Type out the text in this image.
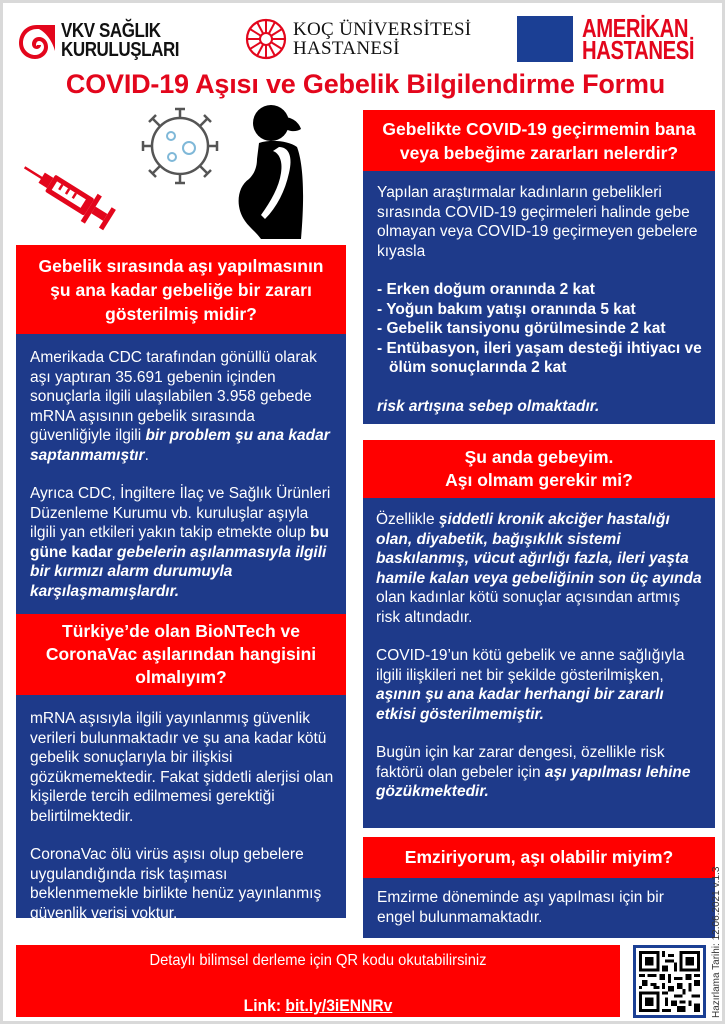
VKV SAĞLIK
KURULUŞLARI
KOÇ ÜNİVERSİTESİ
HASTANESİ
AMERİKAN
HASTANESİ
COVID-19 Aşısı ve Gebelik Bilgilendirme Formu
Gebelik sırasında aşı yapılmasının şu ana kadar gebeliğe bir zararı gösterilmiş midir?

Amerikada CDC tarafından gönüllü olarak aşı yaptıran 35.691 gebenin içinden sonuçlarla ilgili ulaşılabilen 3.958 gebede mRNA aşısının gebelik sırasında güvenliğiyle ilgili bir problem şu ana kadar saptanmamıştır.

Ayrıca CDC, İngiltere İlaç ve Sağlık Ürünleri Düzenleme Kurumu vb. kuruluşlar aşıyla ilgili yan etkileri yakın takip etmekte olup bu güne kadar gebelerin aşılanmasıyla ilgili bir kırmızı alarm durumuyla karşılaşmamışlardır.

Türkiye’de olan BioNTech ve CoronaVac aşılarından hangisini olmalıyım?

mRNA aşısıyla ilgili yayınlanmış güvenlik verileri bulunmaktadır ve şu ana kadar kötü gebelik sonuçlarıyla bir ilişkisi gözükmemektedir. Fakat şiddetli alerjisi olan kişilerde tercih edilmemesi gerektiği belirtilmektedir.

CoronaVac ölü virüs aşısı olup gebelere uygulandığında risk taşıması beklenmemekle birlikte henüz yayınlanmış güvenlik verisi yoktur.

Gebelikte COVID-19 geçirmemin bana veya bebeğime zararları nelerdir?

Yapılan araştırmalar kadınların gebelikleri sırasında COVID-19 geçirmeleri halinde gebe olmayan veya COVID-19 geçirmeyen gebelere kıyasla

- Erken doğum oranında 2 kat
- Yoğun bakım yatışı oranında 5 kat
- Gebelik tansiyonu görülmesinde 2 kat
- Entübasyon, ileri yaşam desteği ihtiyacı ve ölüm sonuçlarında 2 kat

risk artışına sebep olmaktadır.

Şu anda gebeyim.
Aşı olmam gerekir mi?

Özellikle şiddetli kronik akciğer hastalığı olan, diyabetik, bağışıklık sistemi baskılanmış, vücut ağırlığı fazla, ileri yaşta hamile kalan veya gebeliğinin son üç ayında olan kadınlar kötü sonuçlar açısından artmış risk altındadır.

COVID-19’un kötü gebelik ve anne sağlığıyla ilgili ilişkileri net bir şekilde gösterilmişken, aşının şu ana kadar herhangi bir zararlı etkisi gösterilmemiştir.

Bugün için kar zarar dengesi, özellikle risk faktörü olan gebeler için aşı yapılması lehine gözükmektedir.

Emziriyorum, aşı olabilir miyim?
Emzirme döneminde aşı yapılması için bir engel bulunmamaktadır.
Detaylı bilimsel derleme için QR kodu okutabilirsiniz
Link: bit.ly/3iENNRv	Hazırlama Tarihi: 12.06.2021 v.1.3
